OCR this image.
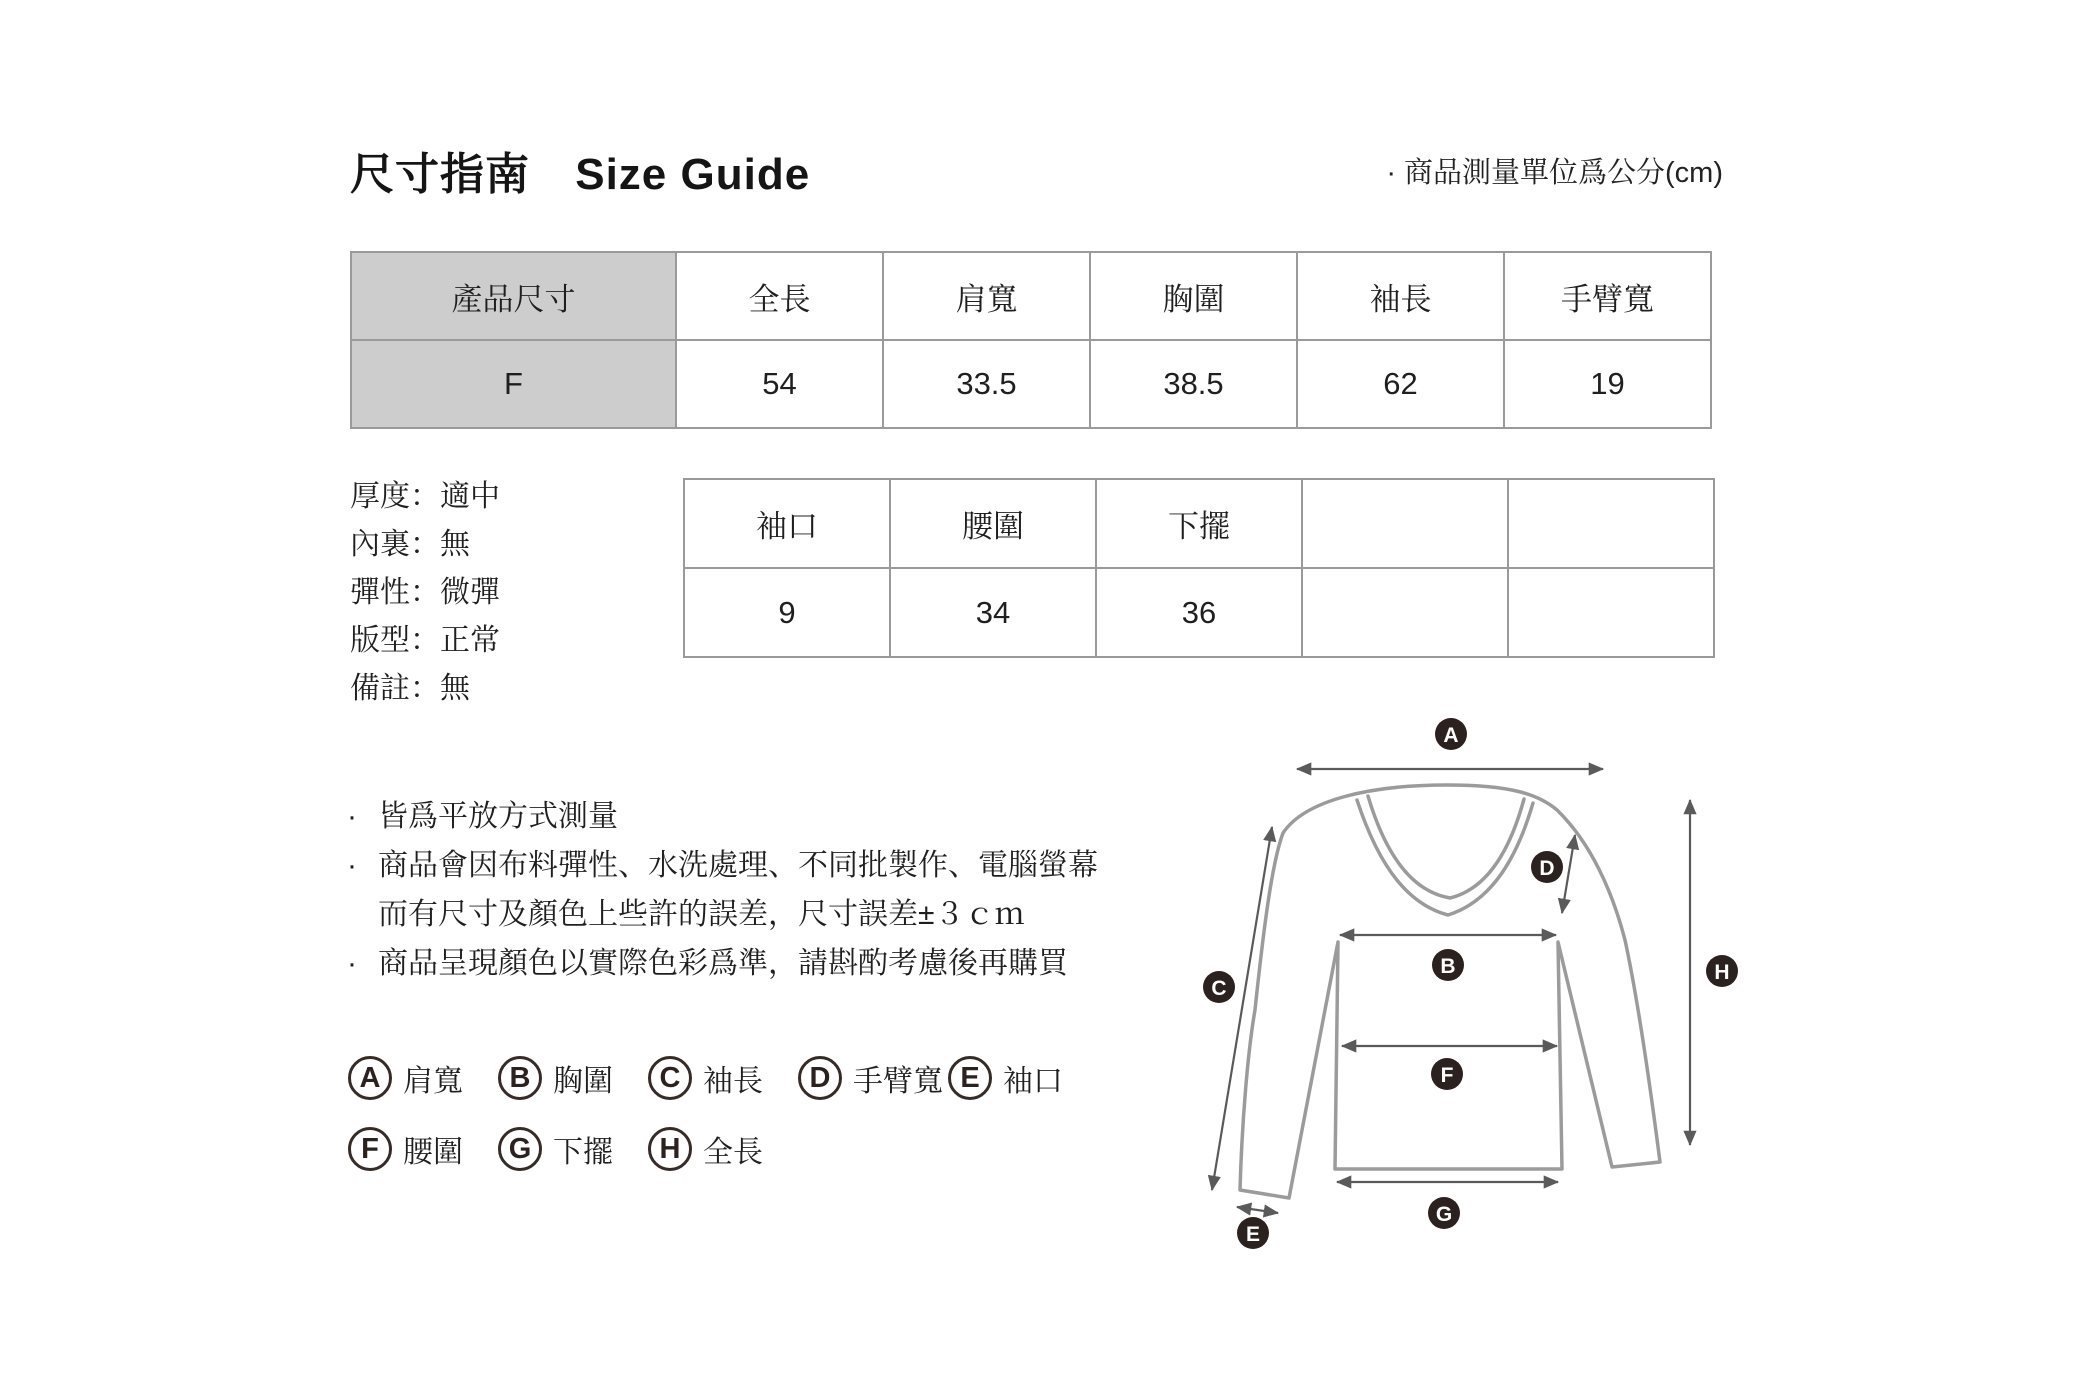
尺寸指南 Size Guide	· 商品測量單位爲公分(cm)
產品尺寸	全長	肩寬	胸圍	袖長	手臂寬
F	54	33.5	38.5	62	19
厚度：適中
內裏：無
彈性：微彈
版型：正常
備註：無
袖口	腰圍	下擺		
9	34	36		
· 皆爲平放方式測量
· 商品會因布料彈性、水洗處理、不同批製作、電腦螢幕
而有尺寸及顏色上些許的誤差，尺寸誤差±３ｃｍ
· 商品呈現顏色以實際色彩爲準，請斟酌考慮後再購買
A 肩寬 B 胸圍 C 袖長 D 手臂寬 E 袖口
F 腰圍 G 下擺 H 全長
A
B
C
D
E
F
G
H
